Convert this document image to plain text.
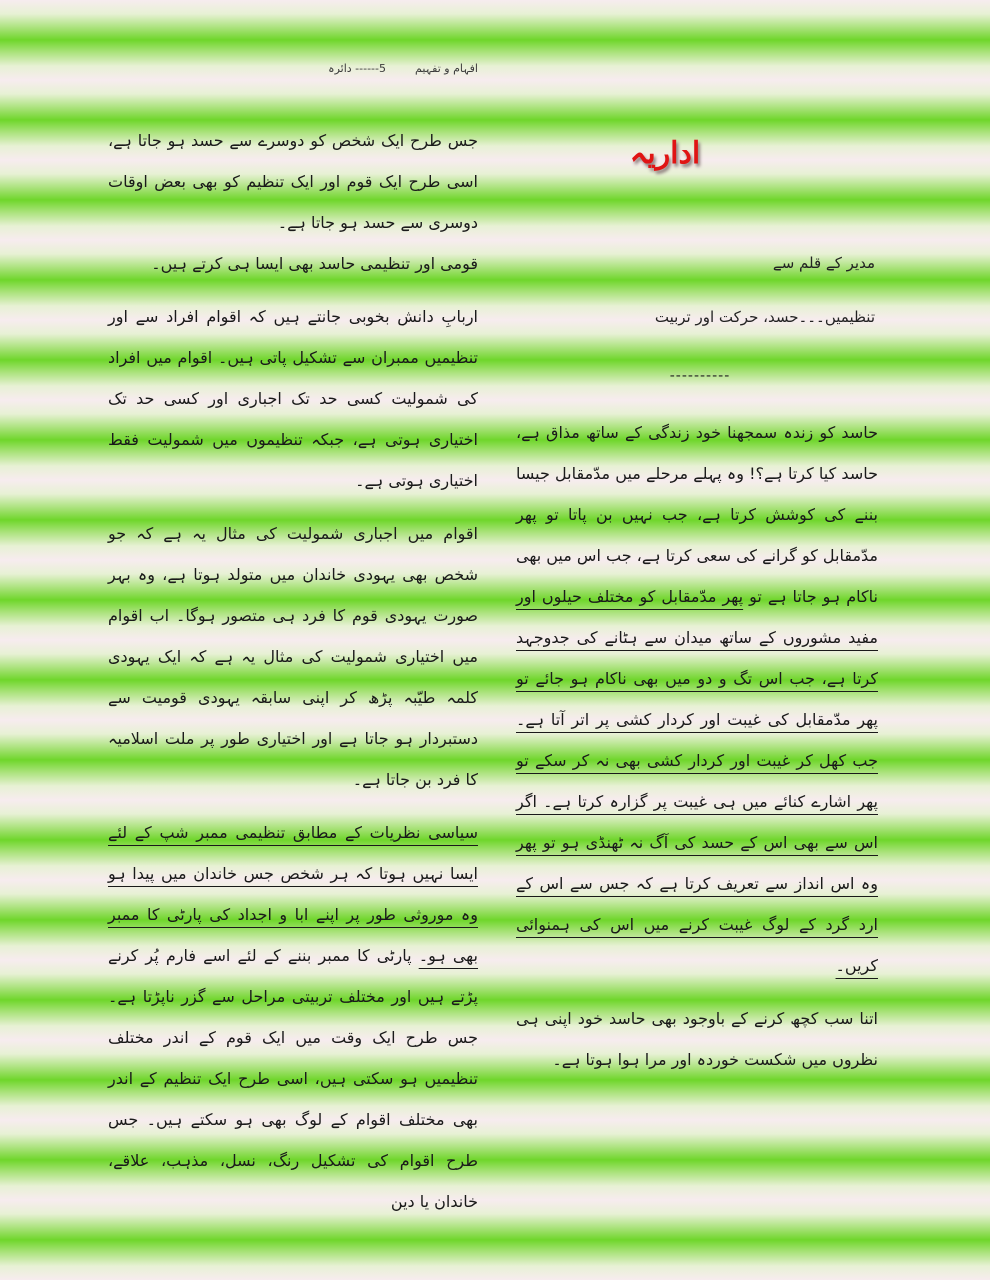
افہام و تفہیم
5------ دائرہ
اداریہ
مدیر کے قلم سے
تنظیمیں۔۔۔حسد، حرکت اور تربیت
----------

جس طرح ایک شخص کو دوسرے سے حسد ہو جاتا ہے، اسی طرح ایک قوم اور ایک تنظیم کو بھی بعض اوقات دوسری سے حسد ہو جاتا ہے۔

قومی اور تنظیمی حاسد بھی ایسا ہی کرتے ہیں۔

اربابِ دانش بخوبی جانتے ہیں کہ اقوام افراد سے اور تنظیمیں ممبران سے تشکیل پاتی ہیں۔ اقوام میں افراد کی شمولیت کسی حد تک اجباری اور کسی حد تک اختیاری ہوتی ہے، جبکہ تنظیموں میں شمولیت فقط اختیاری ہوتی ہے۔

اقوام میں اجباری شمولیت کی مثال یہ ہے کہ جو شخص بھی یہودی خاندان میں متولد ہوتا ہے، وہ بہر صورت یہودی قوم کا فرد ہی متصور ہوگا۔ اب اقوام میں اختیاری شمولیت کی مثال یہ ہے کہ ایک یہودی کلمہ طیّبہ پڑھ کر اپنی سابقہ یہودی قومیت سے دستبردار ہو جاتا ہے اور اختیاری طور پر ملت اسلامیہ کا فرد بن جاتا ہے۔

سیاسی نظریات کے مطابق تنظیمی ممبر شپ کے لئے ایسا نہیں ہوتا کہ ہر شخص جس خاندان میں پیدا ہو وہ موروثی طور پر اپنے ابا و اجداد کی پارٹی کا ممبر بھی ہو۔ پارٹی کا ممبر بننے کے لئے اسے فارم پُر کرنے پڑتے ہیں اور مختلف تربیتی مراحل سے گزر ناپڑتا ہے۔ جس طرح ایک وقت میں ایک قوم کے اندر مختلف تنظیمیں ہو سکتی ہیں، اسی طرح ایک تنظیم کے اندر بھی مختلف اقوام کے لوگ بھی ہو سکتے ہیں۔ جس طرح اقوام کی تشکیل رنگ، نسل، مذہب، علاقے، خاندان یا دین

حاسد کو زندہ سمجھنا خود زندگی کے ساتھ مذاق ہے، حاسد کیا کرتا ہے؟! وہ پہلے مرحلے میں مدّمقابل جیسا بننے کی کوشش کرتا ہے، جب نہیں بن پاتا تو پھر مدّمقابل کو گرانے کی سعی کرتا ہے، جب اس میں بھی ناکام ہو جاتا ہے تو پھر مدّمقابل کو مختلف حیلوں اور مفید مشوروں کے ساتھ میدان سے ہٹانے کی جدوجہد کرتا ہے، جب اس تگ و دو میں بھی ناکام ہو جائے تو پھر مدّمقابل کی غیبت اور کردار کشی پر اتر آتا ہے۔ جب کھل کر غیبت اور کردار کشی بھی نہ کر سکے تو پھر اشارے کنائے میں ہی غیبت پر گزارہ کرتا ہے۔ اگر اس سے بھی اس کے حسد کی آگ نہ ٹھنڈی ہو تو پھر وہ اس انداز سے تعریف کرتا ہے کہ جس سے اس کے ارد گرد کے لوگ غیبت کرنے میں اس کی ہمنوائی کریں۔

اتنا سب کچھ کرنے کے باوجود بھی حاسد خود اپنی ہی نظروں میں شکست خوردہ اور مرا ہوا ہوتا ہے۔
